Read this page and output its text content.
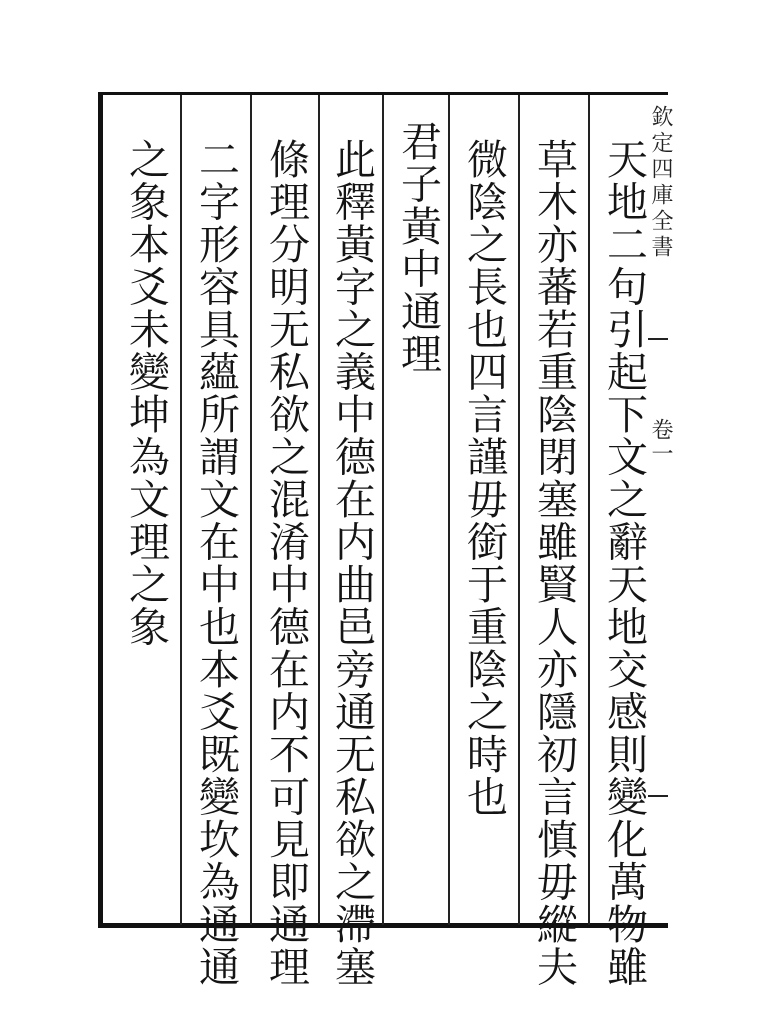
欽定四庫全書
卷一
天地二句引起下文之辭天地交感則變化萬物雖
草木亦蕃若重陰閉塞雖賢人亦隱初言慎毋縱夫
微陰之長也四言謹毋銜于重陰之時也
君子黃中通理
此釋黃字之義中德在内曲邑旁通无私欲之滯塞
條理分明无私欲之混淆中德在内不可見即通理
二字形容具蘊所謂文在中也本爻既變坎為通通
之象本爻未變坤為文理之象
